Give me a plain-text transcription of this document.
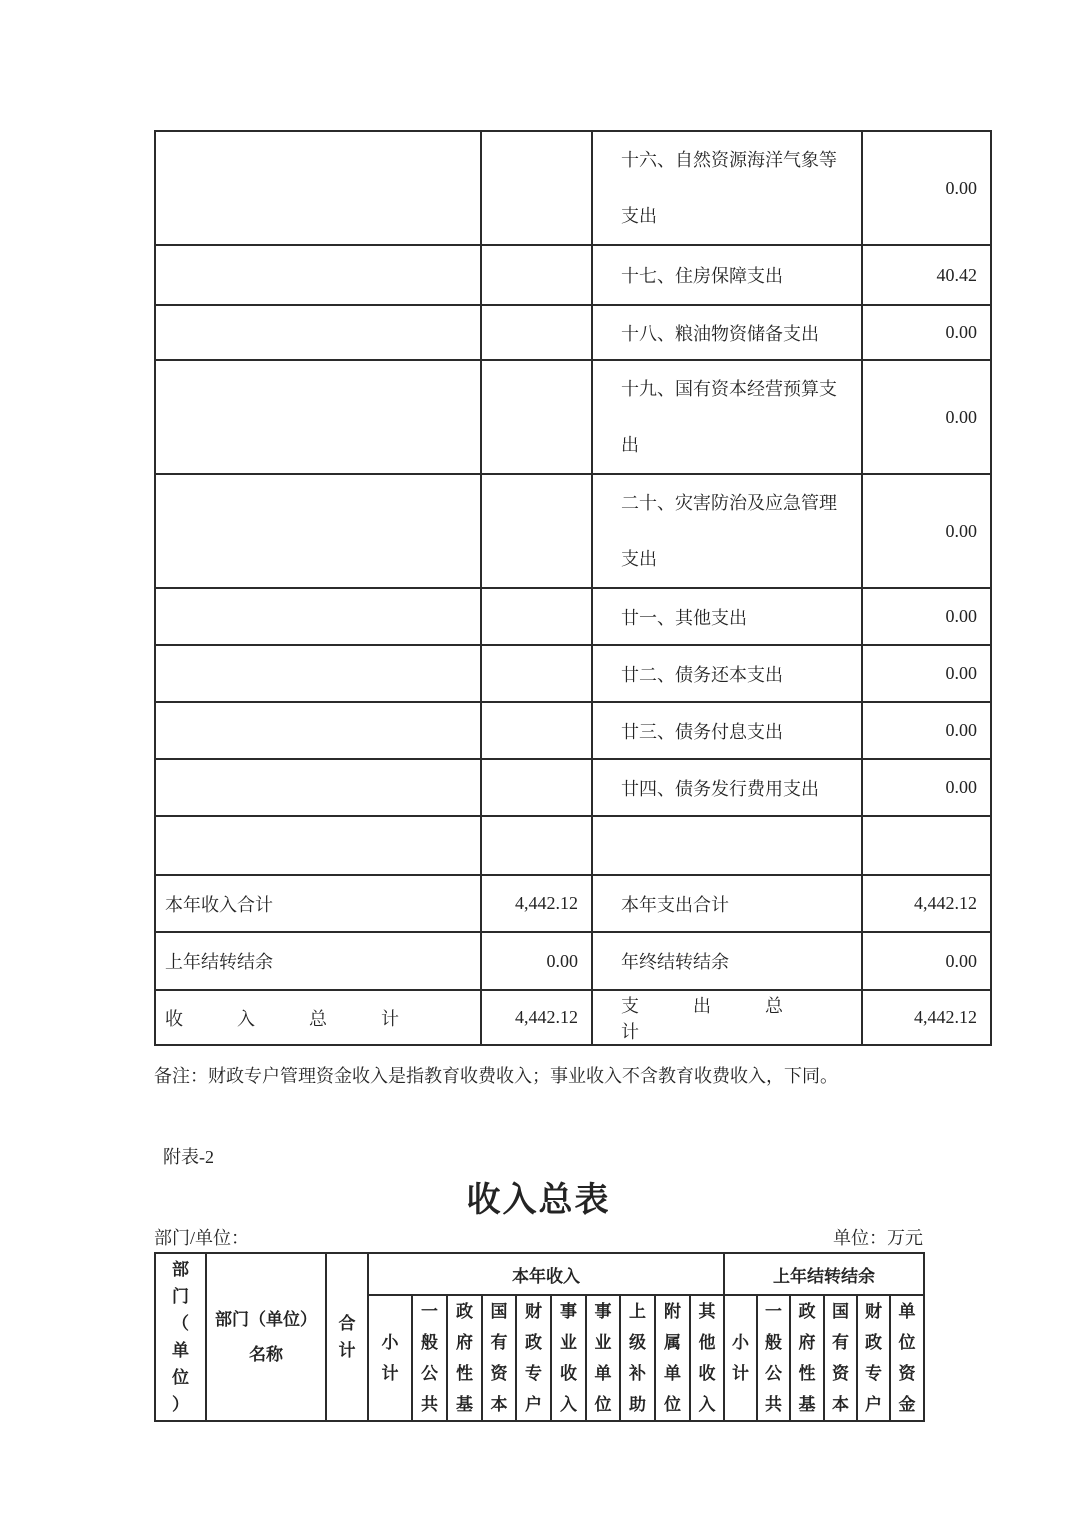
		十六、自然资源海洋气象等支出	0.00
		十七、住房保障支出	40.42
		十八、粮油物资储备支出	0.00
		十九、国有资本经营预算支出	0.00
		二十、灾害防治及应急管理支出	0.00
		廿一、其他支出	0.00
		廿二、债务还本支出	0.00
		廿三、债务付息支出	0.00
		廿四、债务发行费用支出	0.00

本年收入合计	4,442.12	本年支出合计	4,442.12
上年结转结余	0.00	年终结转结余	0.00
收　　　入　　　总　　　计	4,442.12	支　　　出　　　总　　　计	4,442.12

备注：财政专户管理资金收入是指教育收费收入；事业收入不含教育收费收入，下同。

附表-2

收入总表
部门/单位：	单位：万元
部门（单位）	部门（单位）名称	合计	本年收入										上年结转结余					

			小计	一般公共	政府性基	国有资本	财政专户	事业收入	事业单位	上级补助	附属单位	其他收入	小计	一般公共	政府性基	国有资本	财政专户	单位资金
